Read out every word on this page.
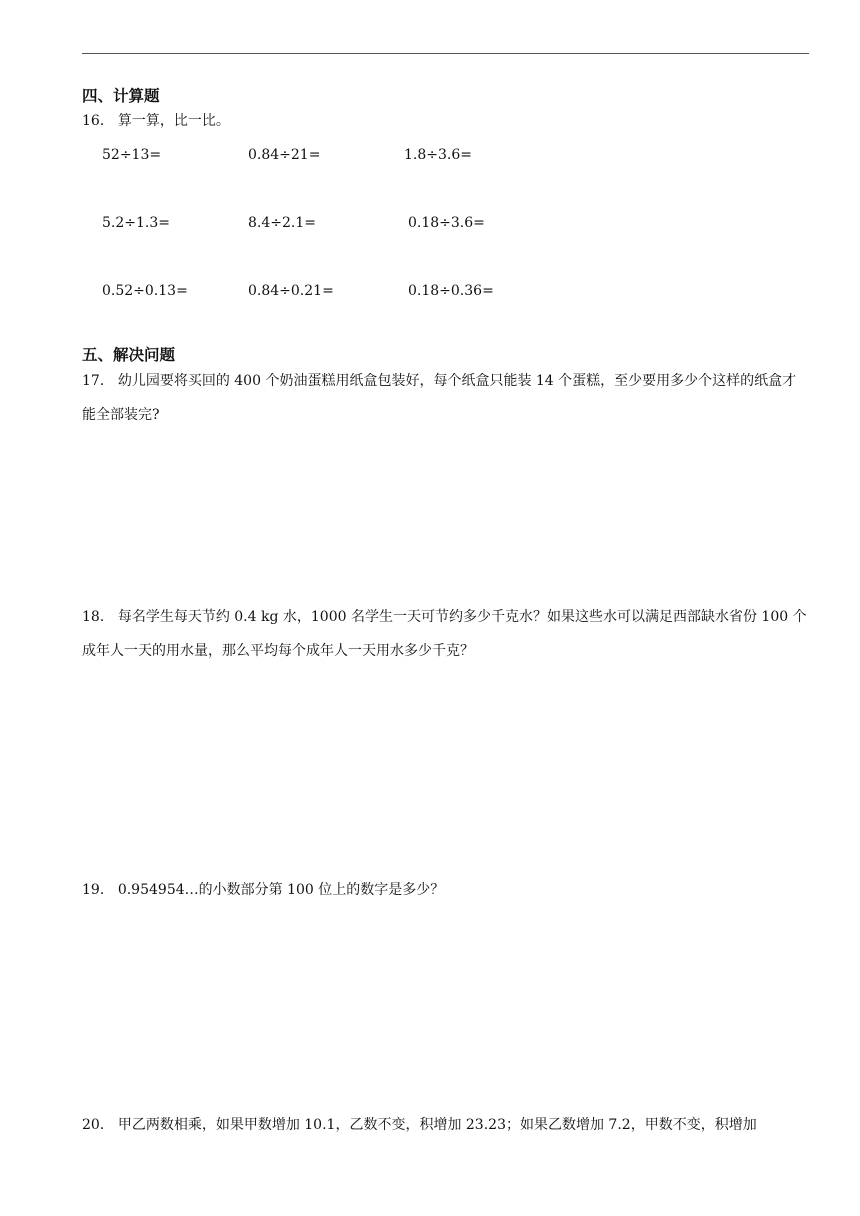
四、计算题
16． 算一算，比一比。
52÷13=	0.84÷21=	1.8÷3.6=
5.2÷1.3=	8.4÷2.1=	0.18÷3.6=
0.52÷0.13=	0.84÷0.21=	0.18÷0.36=
五、解决问题
17． 幼儿园要将买回的 400 个奶油蛋糕用纸盒包装好，每个纸盒只能装 14 个蛋糕，至少要用多少个这样的纸盒才能全部装完?
18． 每名学生每天节约 0.4 kg 水，1000 名学生一天可节约多少千克水？如果这些水可以满足西部缺水省份 100 个成年人一天的用水量，那么平均每个成年人一天用水多少千克？
19． 0.954954…的小数部分第 100 位上的数字是多少？
20． 甲乙两数相乘，如果甲数增加 10.1，乙数不变，积增加 23.23；如果乙数增加 7.2，甲数不变，积增加
